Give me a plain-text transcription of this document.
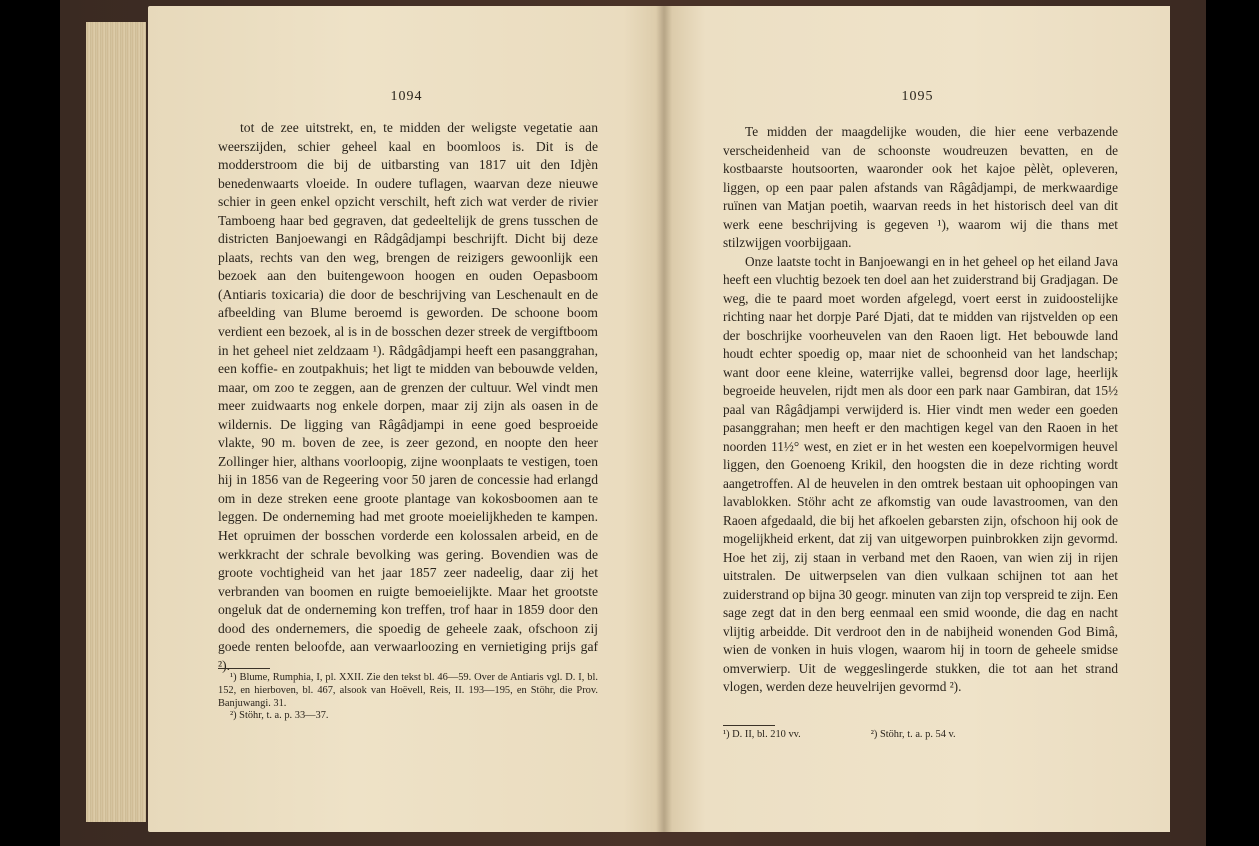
1094

tot de zee uitstrekt, en, te midden der weligste vegetatie aan weerszijden, schier geheel kaal en boomloos is. Dit is de modderstroom die bij de uitbarsting van 1817 uit den Idjèn benedenwaarts vloeide. In oudere tuflagen, waarvan deze nieuwe schier in geen enkel opzicht verschilt, heft zich wat verder de rivier Tamboeng haar bed gegraven, dat gedeeltelijk de grens tusschen de districten Banjoewangi en Râdgâdjampi beschrijft. Dicht bij deze plaats, rechts van den weg, brengen de reizigers gewoonlijk een bezoek aan den buitengewoon hoogen en ouden Oepasboom (Antiaris toxicaria) die door de beschrijving van Leschenault en de afbeelding van Blume beroemd is geworden. De schoone boom verdient een bezoek, al is in de bosschen dezer streek de vergiftboom in het geheel niet zeldzaam ¹). Râdgâdjampi heeft een pasanggrahan, een koffie- en zoutpakhuis; het ligt te midden van bebouwde velden, maar, om zoo te zeggen, aan de grenzen der cultuur. Wel vindt men meer zuidwaarts nog enkele dorpen, maar zij zijn als oasen in de wildernis. De ligging van Râgâdjampi in eene goed besproeide vlakte, 90 m. boven de zee, is zeer gezond, en noopte den heer Zollinger hier, althans voorloopig, zijne woonplaats te vestigen, toen hij in 1856 van de Regeering voor 50 jaren de concessie had erlangd om in deze streken eene groote plantage van kokosboomen aan te leggen. De onderneming had met groote moeielijkheden te kampen. Het opruimen der bosschen vorderde een kolossalen arbeid, en de werkkracht der schrale bevolking was gering. Bovendien was de groote vochtigheid van het jaar 1857 zeer nadeelig, daar zij het verbranden van boomen en ruigte bemoeielijkte. Maar het grootste ongeluk dat de onderneming kon treffen, trof haar in 1859 door den dood des ondernemers, die spoedig de geheele zaak, ofschoon zij goede renten beloofde, aan verwaarloozing en vernietiging prijs gaf ²).

¹) Blume, Rumphia, I, pl. XXII. Zie den tekst bl. 46—59. Over de Antiaris vgl. D. I, bl. 152, en hierboven, bl. 467, alsook van Hoëvell, Reis, II. 193—195, en Stöhr, die Prov. Banjuwangi. 31.

²) Stöhr, t. a. p. 33—37.

1095

Te midden der maagdelijke wouden, die hier eene verbazende verscheidenheid van de schoonste woudreuzen bevatten, en de kostbaarste houtsoorten, waaronder ook het kajoe pèlèt, opleveren, liggen, op een paar palen afstands van Râgâdjampi, de merkwaardige ruïnen van Matjan poetih, waarvan reeds in het historisch deel van dit werk eene beschrijving is gegeven ¹), waarom wij die thans met stilzwijgen voorbijgaan.

Onze laatste tocht in Banjoewangi en in het geheel op het eiland Java heeft een vluchtig bezoek ten doel aan het zuiderstrand bij Gradjagan. De weg, die te paard moet worden afgelegd, voert eerst in zuidoostelijke richting naar het dorpje Paré Djati, dat te midden van rijstvelden op een der boschrijke voorheuvelen van den Raoen ligt. Het bebouwde land houdt echter spoedig op, maar niet de schoonheid van het landschap; want door eene kleine, waterrijke vallei, begrensd door lage, heerlijk begroeide heuvelen, rijdt men als door een park naar Gambiran, dat 15½ paal van Râgâdjampi verwijderd is. Hier vindt men weder een goeden pasanggrahan; men heeft er den machtigen kegel van den Raoen in het noorden 11½° west, en ziet er in het westen een koepelvormigen heuvel liggen, den Goenoeng Krikil, den hoogsten die in deze richting wordt aangetroffen. Al de heuvelen in den omtrek bestaan uit ophoopingen van lavablokken. Stöhr acht ze afkomstig van oude lavastroomen, van den Raoen afgedaald, die bij het afkoelen gebarsten zijn, ofschoon hij ook de mogelijkheid erkent, dat zij van uitgeworpen puinbrokken zijn gevormd. Hoe het zij, zij staan in verband met den Raoen, van wien zij in rijen uitstralen. De uitwerpselen van dien vulkaan schijnen tot aan het zuiderstrand op bijna 30 geogr. minuten van zijn top verspreid te zijn. Een sage zegt dat in den berg eenmaal een smid woonde, die dag en nacht vlijtig arbeidde. Dit verdroot den in de nabijheid wonenden God Bimâ, wien de vonken in huis vlogen, waarom hij in toorn de geheele smidse omverwierp. Uit de weggeslingerde stukken, die tot aan het strand vlogen, werden deze heuvelrijen gevormd ²).

¹) D. II, bl. 210 vv.	²) Stöhr, t. a. p. 54 v.
